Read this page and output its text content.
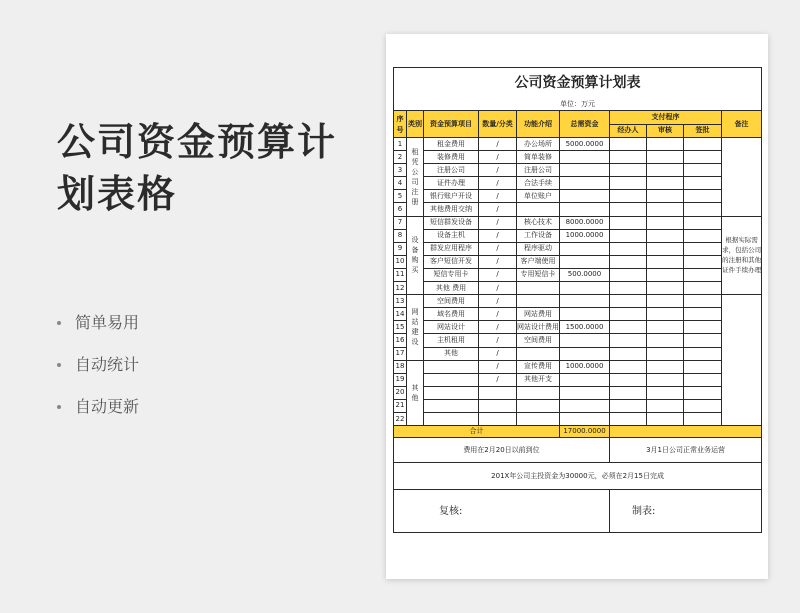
公司资金预算计
划表格
简单易用
自动统计
自动更新
公司资金预算计划表									
单位：万元									
序号	类别	资金预算项目	数量/分类	功能介绍	总需资金	支付程序			备注
						经办人	审核	签批	
1	租凭公司注册	租金费用	/	办公场所	5000.0000				
2		装修费用	/	简单装修					
3		注册公司	/	注册公司					
4		证件办理	/	合法手续					
5		银行账户开设	/	单位账户					
6		其他费用交纳	/						
7	设备购买	短信群发设备	/	核心技术	8000.0000				根据实际需求，包括公司的注册和其他证件手续办理
8		设备主机	/	工作设备	1000.0000				
9		群发应用程序	/	程序驱动					
10		客户短信开发	/	客户端使用					
11		短信专用卡	/	专用短信卡	500.0000				
12		其他 费用	/						
13	网站建设	空间费用	/						
14		域名费用	/	网站费用					
15		网站设计	/	网站设计费用	1500.0000				
16		主机租用	/	空间费用					
17		其他	/						
18	其他		/	宣传费用	1000.0000				
19			/	其他开支					
20									
21									
22									
合计					17000.0000				
费用在2月20日以前到位						3月1日公司正常业务运营			
201X年公司主投资金为30000元，必须在2月15日完成									
复核:						制表:			
